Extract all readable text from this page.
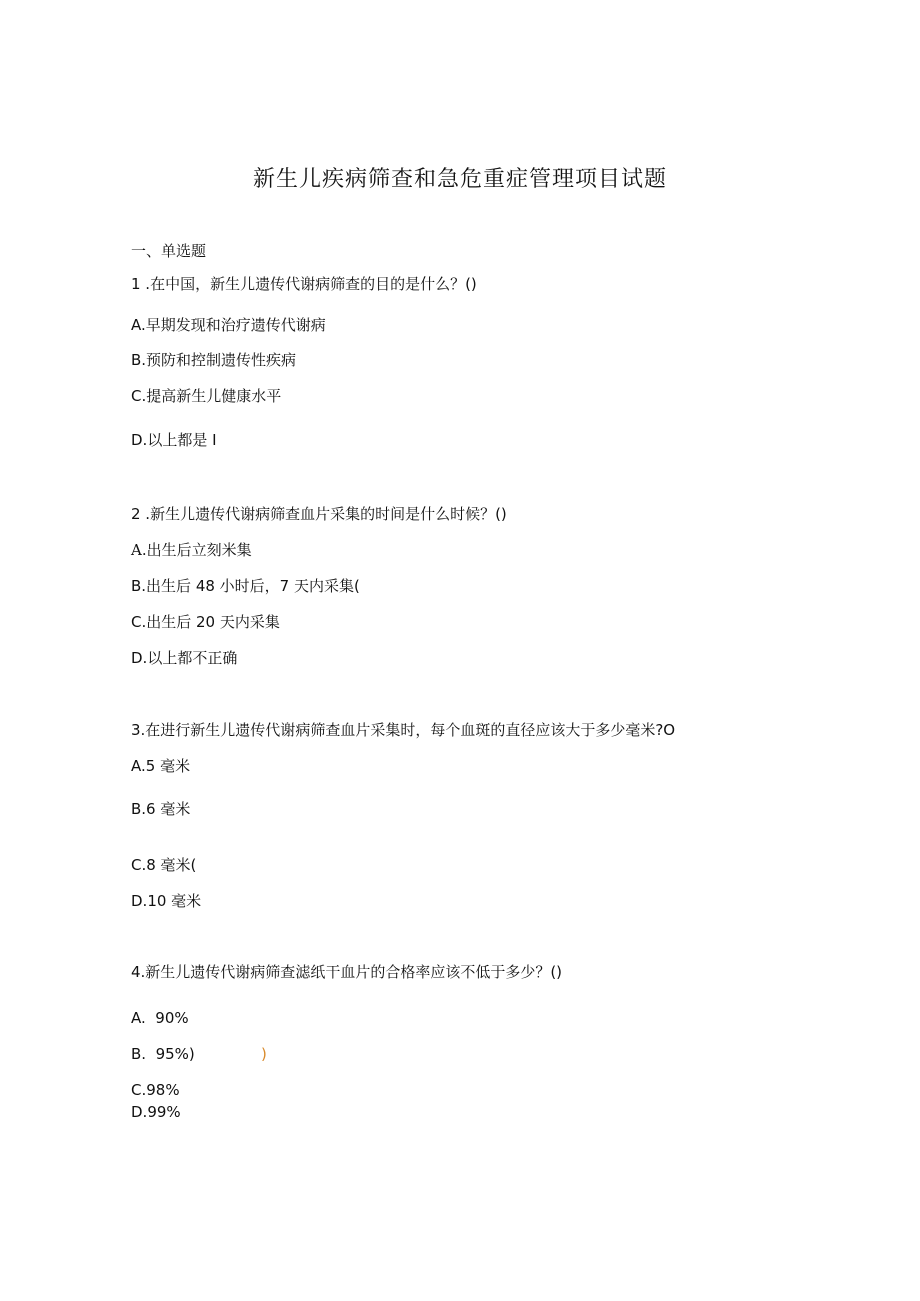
新生儿疾病筛查和急危重症管理项目试题

一、单选题

1 .在中国，新生儿遗传代谢病筛查的目的是什么？()

A.早期发现和治疗遗传代谢病

B.预防和控制遗传性疾病

C.提高新生儿健康水平

D.以上都是 I

2 .新生儿遗传代谢病筛查血片采集的时间是什么时候？()

A.出生后立刻米集

B.出生后 48 小时后，7 天内采集(

C.出生后 20 天内采集

D.以上都不正确

3.在进行新生儿遗传代谢病筛查血片采集时，每个血斑的直径应该大于多少毫米?O

A.5 毫米

B.6 毫米

C.8 毫米(

D.10 毫米

4.新生儿遗传代谢病筛查滤纸干血片的合格率应该不低于多少？()

A.  90%

B.  95%)	)

C.98%

D.99%
